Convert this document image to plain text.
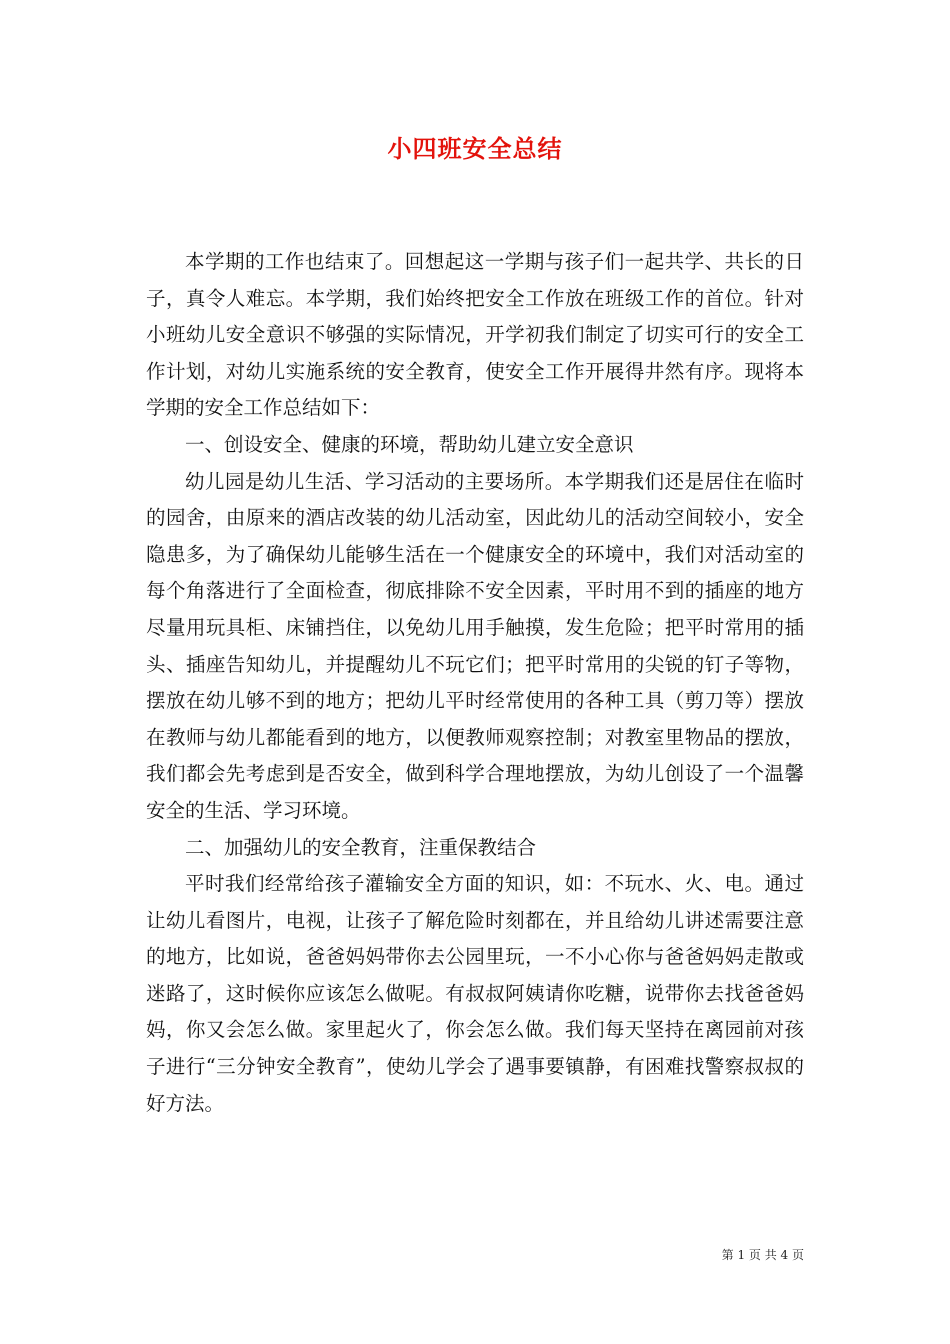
小四班安全总结

本学期的工作也结束了。回想起这一学期与孩子们一起共学、共长的日子，真令人难忘。本学期，我们始终把安全工作放在班级工作的首位。针对小班幼儿安全意识不够强的实际情况，开学初我们制定了切实可行的安全工作计划，对幼儿实施系统的安全教育，使安全工作开展得井然有序。现将本学期的安全工作总结如下：

一、创设安全、健康的环境，帮助幼儿建立安全意识

幼儿园是幼儿生活、学习活动的主要场所。本学期我们还是居住在临时的园舍，由原来的酒店改装的幼儿活动室，因此幼儿的活动空间较小，安全隐患多，为了确保幼儿能够生活在一个健康安全的环境中，我们对活动室的每个角落进行了全面检查，彻底排除不安全因素，平时用不到的插座的地方尽量用玩具柜、床铺挡住，以免幼儿用手触摸，发生危险；把平时常用的插头、插座告知幼儿，并提醒幼儿不玩它们；把平时常用的尖锐的钉子等物，摆放在幼儿够不到的地方；把幼儿平时经常使用的各种工具（剪刀等）摆放在教师与幼儿都能看到的地方，以便教师观察控制；对教室里物品的摆放，我们都会先考虑到是否安全，做到科学合理地摆放，为幼儿创设了一个温馨安全的生活、学习环境。

二、加强幼儿的安全教育，注重保教结合

平时我们经常给孩子灌输安全方面的知识，如：不玩水、火、电。通过让幼儿看图片，电视，让孩子了解危险时刻都在，并且给幼儿讲述需要注意的地方，比如说，爸爸妈妈带你去公园里玩，一不小心你与爸爸妈妈走散或迷路了，这时候你应该怎么做呢。有叔叔阿姨请你吃糖，说带你去找爸爸妈妈，你又会怎么做。家里起火了，你会怎么做。我们每天坚持在离园前对孩子进行“三分钟安全教育”，使幼儿学会了遇事要镇静，有困难找警察叔叔的好方法。

第 1 页 共 4 页
